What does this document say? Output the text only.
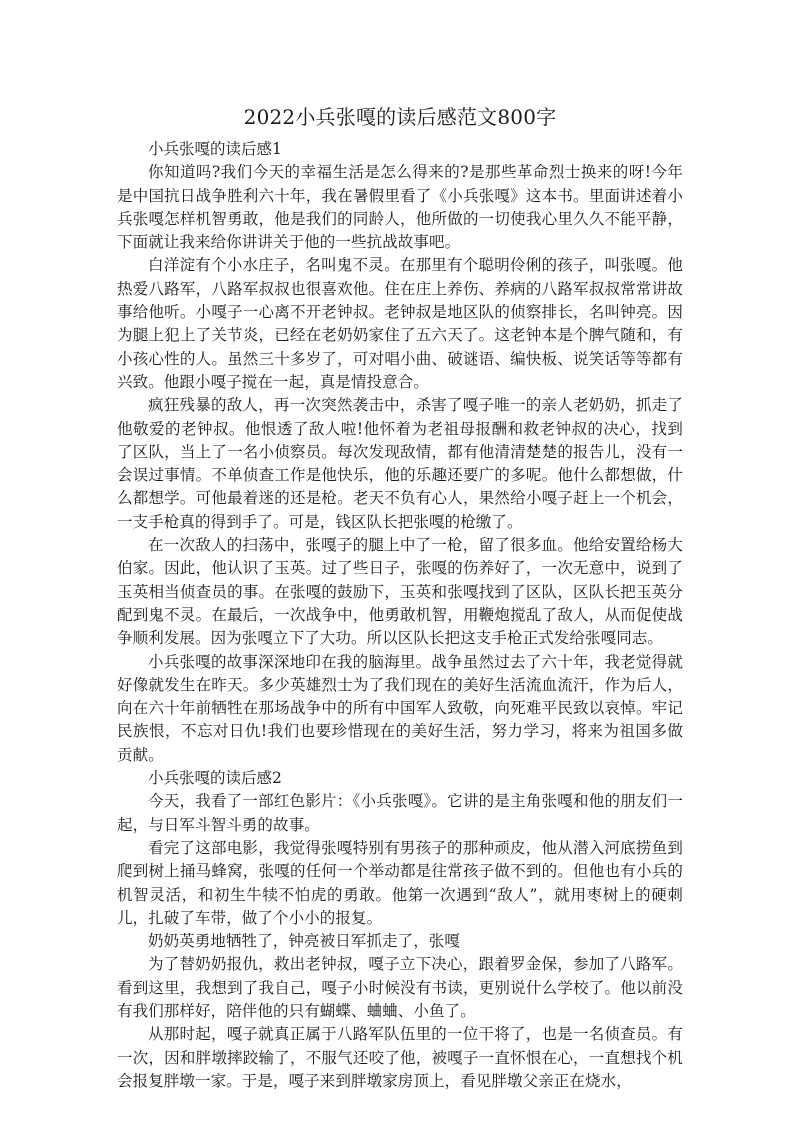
2022小兵张嘎的读后感范文800字

小兵张嘎的读后感1

你知道吗?我们今天的幸福生活是怎么得来的?是那些革命烈士换来的呀!今年是中国抗日战争胜利六十年，我在暑假里看了《小兵张嘎》这本书。里面讲述着小兵张嘎怎样机智勇敢，他是我们的同龄人，他所做的一切使我心里久久不能平静，下面就让我来给你讲讲关于他的一些抗战故事吧。

白洋淀有个小水庄子，名叫鬼不灵。在那里有个聪明伶俐的孩子，叫张嘎。他热爱八路军，八路军叔叔也很喜欢他。住在庄上养伤、养病的八路军叔叔常常讲故事给他听。小嘎子一心离不开老钟叔。老钟叔是地区队的侦察排长，名叫钟亮。因为腿上犯上了关节炎，已经在老奶奶家住了五六天了。这老钟本是个脾气随和，有小孩心性的人。虽然三十多岁了，可对唱小曲、破谜语、编快板、说笑话等等都有兴致。他跟小嘎子搅在一起，真是情投意合。

疯狂残暴的敌人，再一次突然袭击中，杀害了嘎子唯一的亲人老奶奶，抓走了他敬爱的老钟叔。他恨透了敌人啦!他怀着为老祖母报酬和救老钟叔的决心，找到了区队，当上了一名小侦察员。每次发现敌情，都有他清清楚楚的报告儿，没有一会误过事情。不单侦查工作是他快乐，他的乐趣还要广的多呢。他什么都想做，什么都想学。可他最着迷的还是枪。老天不负有心人，果然给小嘎子赶上一个机会，一支手枪真的得到手了。可是，钱区队长把张嘎的枪缴了。

在一次敌人的扫荡中，张嘎子的腿上中了一枪，留了很多血。他给安置给杨大伯家。因此，他认识了玉英。过了些日子，张嘎的伤养好了，一次无意中，说到了玉英相当侦查员的事。在张嘎的鼓励下，玉英和张嘎找到了区队，区队长把玉英分配到鬼不灵。在最后，一次战争中，他勇敢机智，用鞭炮搅乱了敌人，从而促使战争顺利发展。因为张嘎立下了大功。所以区队长把这支手枪正式发给张嘎同志。

小兵张嘎的故事深深地印在我的脑海里。战争虽然过去了六十年，我老觉得就好像就发生在昨天。多少英雄烈士为了我们现在的美好生活流血流汗，作为后人，向在六十年前牺牲在那场战争中的所有中国军人致敬，向死难平民致以哀悼。牢记民族恨，不忘对日仇!我们也要珍惜现在的美好生活，努力学习，将来为祖国多做贡献。

小兵张嘎的读后感2

今天，我看了一部红色影片：《小兵张嘎》。它讲的是主角张嘎和他的朋友们一起，与日军斗智斗勇的故事。

看完了这部电影，我觉得张嘎特别有男孩子的那种顽皮，他从潜入河底捞鱼到爬到树上捅马蜂窝，张嘎的任何一个举动都是往常孩子做不到的。但他也有小兵的机智灵活，和初生牛犊不怕虎的勇敢。他第一次遇到“敌人”，就用枣树上的硬刺儿，扎破了车带，做了个小小的报复。

奶奶英勇地牺牲了，钟亮被日军抓走了，张嘎

为了替奶奶报仇，救出老钟叔，嘎子立下决心，跟着罗金保，参加了八路军。看到这里，我想到了我自己，嘎子小时候没有书读，更别说什么学校了。他以前没有我们那样好，陪伴他的只有蝴蝶、蛐蛐、小鱼了。

从那时起，嘎子就真正属于八路军队伍里的一位干将了，也是一名侦查员。有一次，因和胖墩摔跤输了，不服气还咬了他，被嘎子一直怀恨在心，一直想找个机会报复胖墩一家。于是，嘎子来到胖墩家房顶上，看见胖墩父亲正在烧水，
